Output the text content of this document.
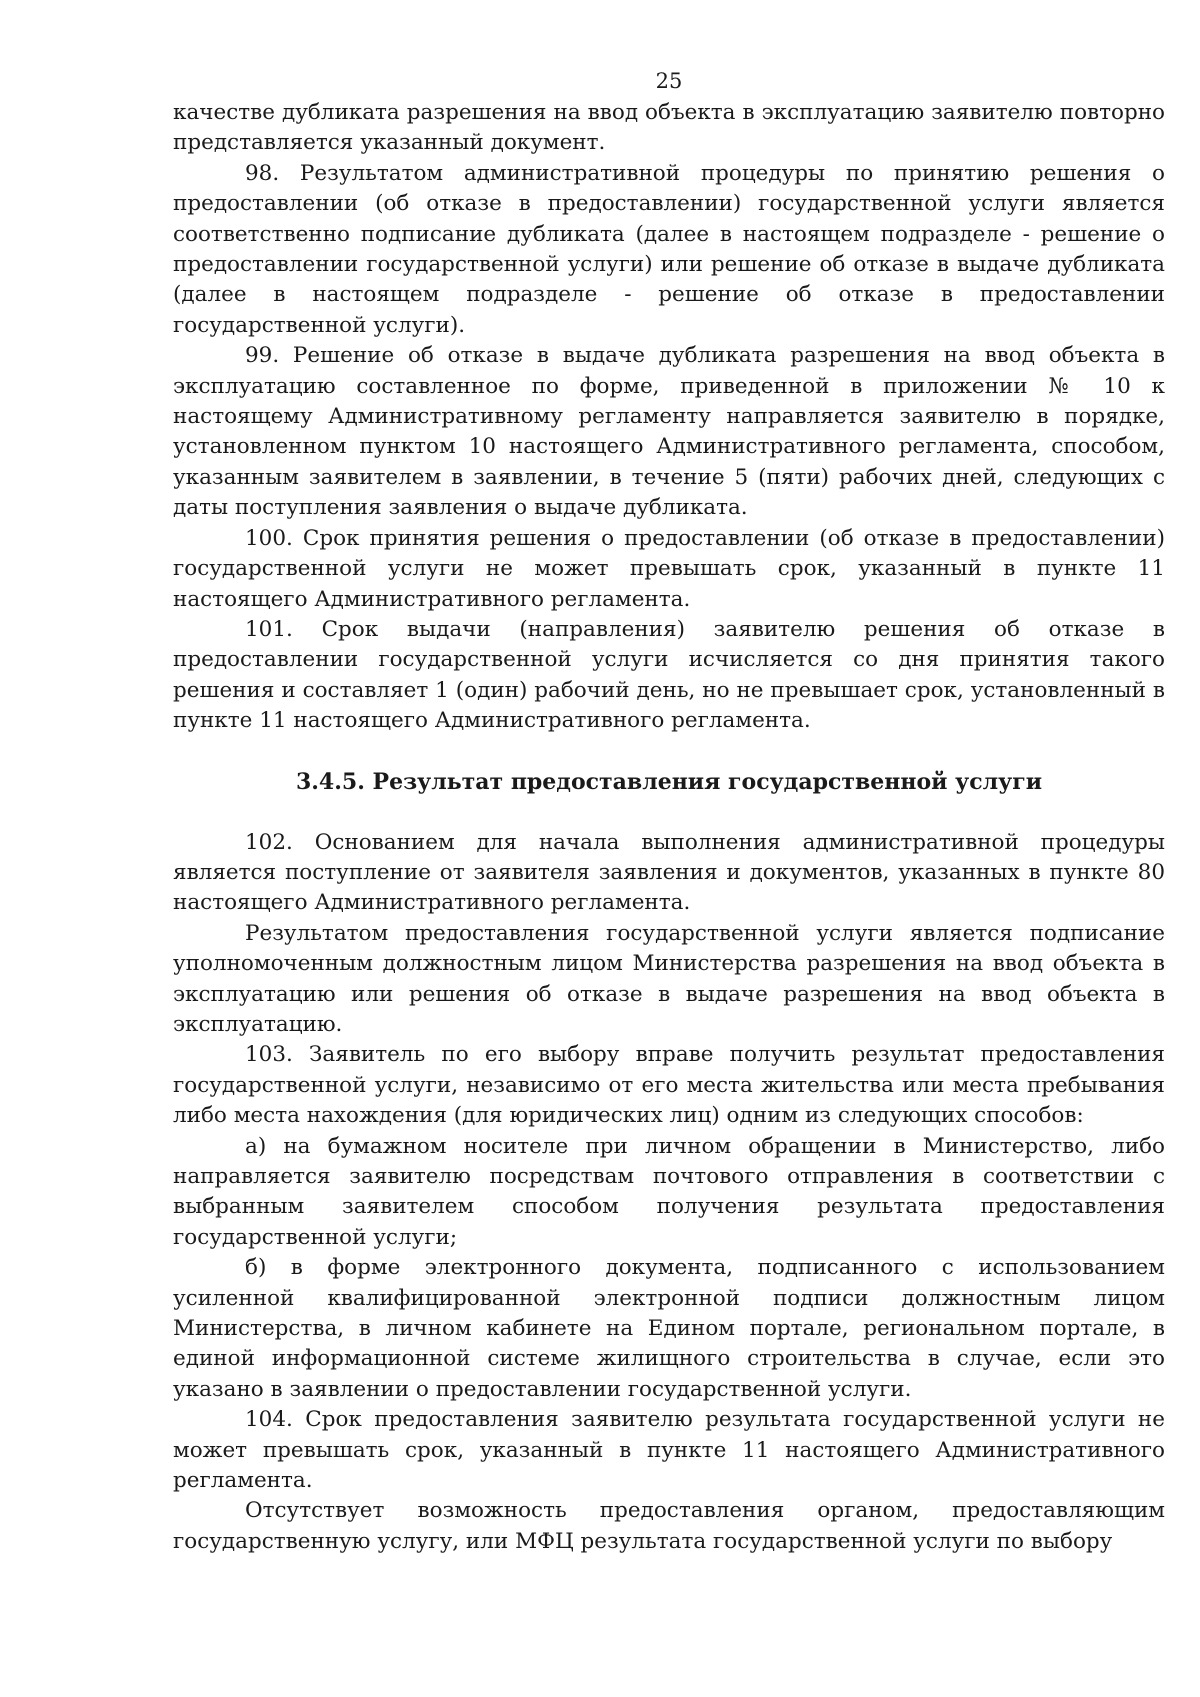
25

качестве дубликата разрешения на ввод объекта в эксплуатацию заявителю повторно представляется указанный документ.

98. Результатом административной процедуры по принятию решения о предоставлении (об отказе в предоставлении) государственной услуги является соответственно подписание дубликата (далее в настоящем подразделе - решение о предоставлении государственной услуги) или решение об отказе в выдаче дубликата (далее в настоящем подразделе - решение об отказе в предоставлении государственной услуги).

99. Решение об отказе в выдаче дубликата разрешения на ввод объекта в эксплуатацию составленное по форме, приведенной в приложении № 10 к настоящему Административному регламенту направляется заявителю в порядке, установленном пунктом 10 настоящего Административного регламента, способом, указанным заявителем в заявлении, в течение 5 (пяти) рабочих дней, следующих с даты поступления заявления о выдаче дубликата.

100. Срок принятия решения о предоставлении (об отказе в предоставлении) государственной услуги не может превышать срок, указанный в пункте 11 настоящего Административного регламента.

101. Срок выдачи (направления) заявителю решения об отказе в предоставлении государственной услуги исчисляется со дня принятия такого решения и составляет 1 (один) рабочий день, но не превышает срок, установленный в пункте 11 настоящего Административного регламента.

3.4.5. Результат предоставления государственной услуги

102. Основанием для начала выполнения административной процедуры является поступление от заявителя заявления и документов, указанных в пункте 80 настоящего Административного регламента.

Результатом предоставления государственной услуги является подписание уполномоченным должностным лицом Министерства разрешения на ввод объекта в эксплуатацию или решения об отказе в выдаче разрешения на ввод объекта в эксплуатацию.

103. Заявитель по его выбору вправе получить результат предоставления государственной услуги, независимо от его места жительства или места пребывания либо места нахождения (для юридических лиц) одним из следующих способов:

а) на бумажном носителе при личном обращении в Министерство, либо направляется заявителю посредствам почтового отправления в соответствии с выбранным заявителем способом получения результата предоставления государственной услуги;

б) в форме электронного документа, подписанного с использованием усиленной квалифицированной электронной подписи должностным лицом Министерства, в личном кабинете на Едином портале, региональном портале, в единой информационной системе жилищного строительства в случае, если это указано в заявлении о предоставлении государственной услуги.

104. Срок предоставления заявителю результата государственной услуги не может превышать срок, указанный в пункте 11 настоящего Административного регламента.

Отсутствует возможность предоставления органом, предоставляющим государственную услугу, или МФЦ результата государственной услуги по выбору
